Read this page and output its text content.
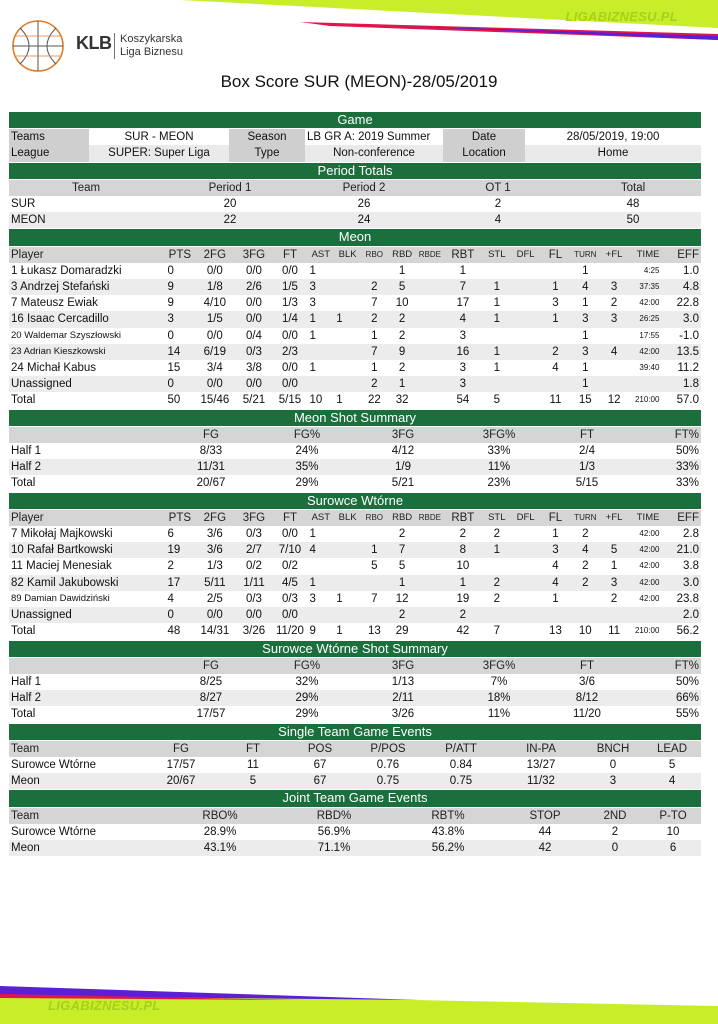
LIGABIZNESU.PL
KLB Koszykarska
Liga Biznesu
Box Score SUR (MEON)-28/05/2019
Game					
Teams	SUR - MEON	Season	LB GR A: 2019 Summer	Date	28/05/2019, 19:00
League	SUPER: Super Liga	Type	Non-conference	Location	Home
Period Totals				
Team	Period 1	Period 2	OT 1	Total
SUR	20	26	2	48
MEON	22	24	4	50
Meon																	
Player	PTS	2FG	3FG	FT	AST	BLK	RBO	RBD	RBDE	RBT	STL	DFL	FL	TURN	+FL	TIME	EFF
1 Łukasz Domaradzki	0	0/0	0/0	0/0	1			1		1				1		4:25	1.0
3 Andrzej Stefański	9	1/8	2/6	1/5	3		2	5		7	1		1	4	3	37:35	4.8
7 Mateusz Ewiak	9	4/10	0/0	1/3	3		7	10		17	1		3	1	2	42:00	22.8
16 Isaac Cercadillo	3	1/5	0/0	1/4	1	1	2	2		4	1		1	3	3	26:25	3.0
20 Waldemar Szyszłowski	0	0/0	0/4	0/0	1		1	2		3				1		17:55	-1.0
23 Adrian Kieszkowski	14	6/19	0/3	2/3			7	9		16	1		2	3	4	42:00	13.5
24 Michał Kabus	15	3/4	3/8	0/0	1		1	2		3	1		4	1		39:40	11.2
Unassigned	0	0/0	0/0	0/0			2	1		3				1			1.8
Total	50	15/46	5/21	5/15	10	1	22	32		54	5		11	15	12	210:00	57.0
Meon Shot Summary						
	FG	FG%	3FG	3FG%	FT	FT%
Half 1	8/33	24%	4/12	33%	2/4	50%
Half 2	11/31	35%	1/9	11%	1/3	33%
Total	20/67	29%	5/21	23%	5/15	33%
Surowce Wtórne																	
Player	PTS	2FG	3FG	FT	AST	BLK	RBO	RBD	RBDE	RBT	STL	DFL	FL	TURN	+FL	TIME	EFF
7 Mikołaj Majkowski	6	3/6	0/3	0/0	1			2		2	2		1	2		42:00	2.8
10 Rafał Bartkowski	19	3/6	2/7	7/10	4		1	7		8	1		3	4	5	42:00	21.0
11 Maciej Menesiak	2	1/3	0/2	0/2			5	5		10			4	2	1	42:00	3.8
82 Kamil Jakubowski	17	5/11	1/11	4/5	1			1		1	2		4	2	3	42:00	3.0
89 Damian Dawidziński	4	2/5	0/3	0/3	3	1	7	12		19	2		1		2	42:00	23.8
Unassigned	0	0/0	0/0	0/0				2		2							2.0
Total	48	14/31	3/26	11/20	9	1	13	29		42	7		13	10	11	210:00	56.2
Surowce Wtórne Shot Summary						
	FG	FG%	3FG	3FG%	FT	FT%
Half 1	8/25	32%	1/13	7%	3/6	50%
Half 2	8/27	29%	2/11	18%	8/12	66%
Total	17/57	29%	3/26	11%	11/20	55%
Single Team Game Events								
Team	FG	FT	POS	P/POS	P/ATT	IN-PA	BNCH	LEAD
Surowce Wtórne	17/57	11	67	0.76	0.84	13/27	0	5
Meon	20/67	5	67	0.75	0.75	11/32	3	4
Joint Team Game Events						
Team	RBO%	RBD%	RBT%	STOP	2ND	P-TO
Surowce Wtórne	28.9%	56.9%	43.8%	44	2	10
Meon	43.1%	71.1%	56.2%	42	0	6
LIGABIZNESU.PL
